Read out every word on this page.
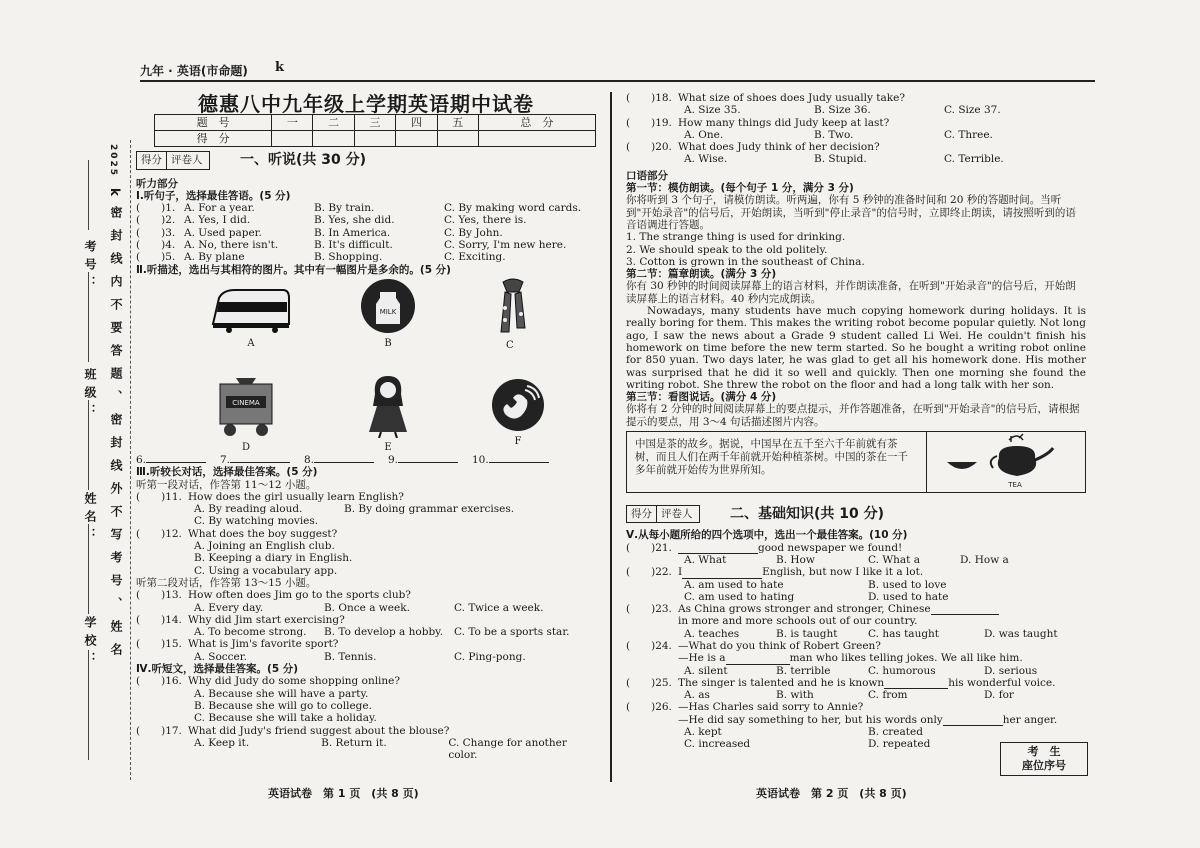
九年 · 英语(市命题) k
2025
k
密封线内不要答题、密封线外不写考号、姓名
考号：
班级：
姓名：
学校：
德惠八中九年级上学期英语期中试卷
题　号	一	二	三	四	五	总　分
得　分						
得分 评卷人	一、听说(共 30 分)
听力部分
Ⅰ.听句子，选择最佳答语。(5 分)
(　　)1. A. For a year.	B. By train.	C. By making word cards.
(　　)2. A. Yes, I did.	B. Yes, she did.	C. Yes, there is.
(　　)3. A. Used paper.	B. In America.	C. By John.
(　　)4. A. No, there isn't.	B. It's difficult.	C. Sorry, I'm new here.
(　　)5. A. By plane	B. Shopping.	C. Exciting.
Ⅱ.听描述，选出与其相符的图片。其中有一幅图片是多余的。(5 分)
A
MILK
B	C
CINEMA
D	E
F
6.	7.	8.	9.	10.
Ⅲ.听较长对话，选择最佳答案。(5 分)
听第一段对话，作答第 11～12 小题。
(　　)11. How does the girl usually learn English?
A. By reading aloud.	B. By doing grammar exercises.
C. By watching movies.
(　　)12. What does the boy suggest?
A. Joining an English club.
B. Keeping a diary in English.
C. Using a vocabulary app.
听第二段对话，作答第 13～15 小题。
(　　)13. How often does Jim go to the sports club?
A. Every day.	B. Once a week.	C. Twice a week.
(　　)14. Why did Jim start exercising?
A. To become strong.	B. To develop a hobby.	C. To be a sports star.
(　　)15. What is Jim's favorite sport?
A. Soccer.	B. Tennis.	C. Ping-pong.
Ⅳ.听短文，选择最佳答案。(5 分)
(　　)16. Why did Judy do some shopping online?
A. Because she will have a party.
B. Because she will go to college.
C. Because she will take a holiday.
(　　)17. What did Judy's friend suggest about the blouse?
A. Keep it.	B. Return it.	C. Change for another color.
(　　)18. What size of shoes does Judy usually take?
A. Size 35.	B. Size 36.	C. Size 37.
(　　)19. How many things did Judy keep at last?
A. One.	B. Two.	C. Three.
(　　)20. What does Judy think of her decision?
A. Wise.	B. Stupid.	C. Terrible.
口语部分
第一节：模仿朗读。(每个句子 1 分，满分 3 分)
你将听到 3 个句子，请模仿朗读。听两遍，你有 5 秒钟的准备时间和 20 秒的答题时间。当听到"开始录音"的信号后，开始朗读，当听到"停止录音"的信号时，立即终止朗读，请按照听到的语音语调进行答题。
1. The strange thing is used for drinking.
2. We should speak to the old politely.
3. Cotton is grown in the southeast of China.
第二节：篇章朗读。(满分 3 分)
你有 30 秒钟的时间阅读屏幕上的语言材料，并作朗读准备，在听到"开始录音"的信号后，开始朗读屏幕上的语言材料。40 秒内完成朗读。
Nowadays, many students have much copying homework during holidays. It is really boring for them. This makes the writing robot become popular quietly. Not long ago, I saw the news about a Grade 9 student called Li Wei. He couldn't finish his homework on time before the new term started. So he bought a writing robot online for 850 yuan. Two days later, he was glad to get all his homework done. His mother was surprised that he did it so well and quickly. Then one morning she found the writing robot. She threw the robot on the floor and had a long talk with her son.
第三节：看图说话。(满分 4 分)
你将有 2 分钟的时间阅读屏幕上的要点提示，并作答题准备，在听到"开始录音"的信号后，请根据提示的要点，用 3～4 句话描述图片内容。
中国是茶的故乡。据说，中国早在五千至六千年前就有茶树，而且人们在两千年前就开始种植茶树。中国的茶在一千多年前就开始传为世界所知。
TEA
得分 评卷人	二、基础知识(共 10 分)
Ⅴ.从每小题所给的四个选项中，选出一个最佳答案。(10 分)
(　　)21.	good newspaper we found!
A. What	B. How	C. What a	D. How a
(　　)22. I	English, but now I like it a lot.
A. am used to hate	B. used to love
C. am used to hating	D. used to hate
(　　)23. As China grows stronger and stronger, Chinese
in more and more schools out of our country.
A. teaches	B. is taught	C. has taught	D. was taught
(　　)24. —What do you think of Robert Green?
—He is a	man who likes telling jokes. We all like him.
A. silent	B. terrible	C. humorous	D. serious
(　　)25. The singer is talented and he is known	his wonderful voice.
A. as	B. with	C. from	D. for
(　　)26. —Has Charles said sorry to Annie?
—He did say something to her, but his words only	her anger.
A. kept	B. created
C. increased	D. repeated
考　生
座位序号
英语试卷　第 1 页　(共 8 页)	英语试卷　第 2 页　(共 8 页)
